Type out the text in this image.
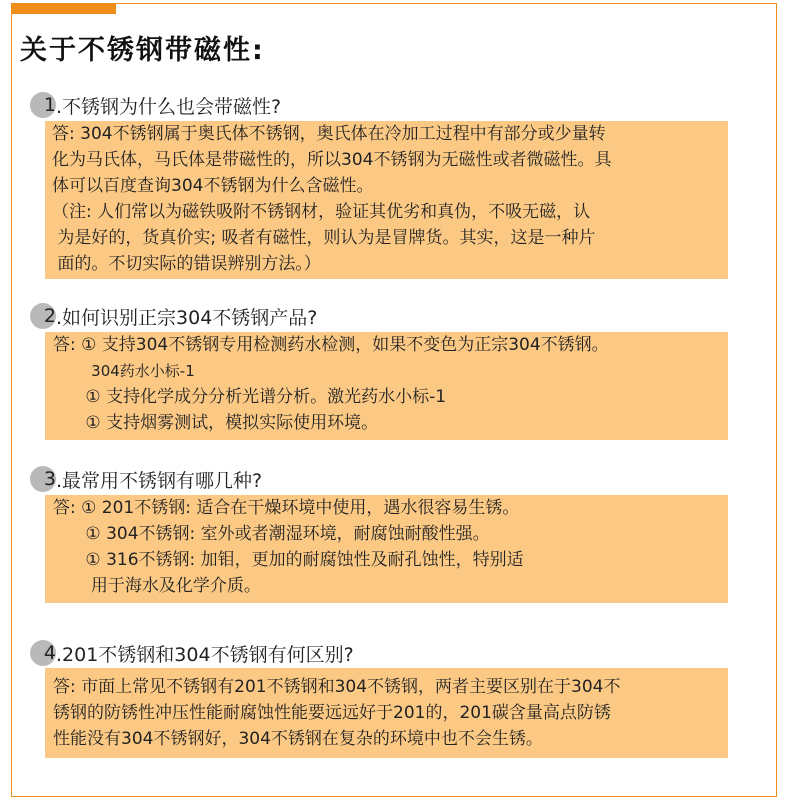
关于不锈钢带磁性:
1 .不锈钢为什么也会带磁性?
答: 304不锈钢属于奥氏体不锈钢，奥氏体在冷加工过程中有部分或少量转
化为马氏体，马氏体是带磁性的，所以304不锈钢为无磁性或者微磁性。具
体可以百度查询304不锈钢为什么含磁性。
（注: 人们常以为磁铁吸附不锈钢材，验证其优劣和真伪，不吸无磁，认
为是好的，货真价实; 吸者有磁性，则认为是冒牌货。其实，这是一种片
面的。不切实际的错误辨别方法。）
2 .如何识别正宗304不锈钢产品?
答: ① 支持304不锈钢专用检测药水检测，如果不变色为正宗304不锈钢。
304药水小标-1
① 支持化学成分分析光谱分析。激光药水小标-1
① 支持烟雾测试，模拟实际使用环境。
3 .最常用不锈钢有哪几种?
答: ① 201不锈钢: 适合在干燥环境中使用，遇水很容易生锈。
① 304不锈钢: 室外或者潮湿环境，耐腐蚀耐酸性强。
① 316不锈钢: 加钼，更加的耐腐蚀性及耐孔蚀性，特别适
用于海水及化学介质。
4 .201不锈钢和304不锈钢有何区别?
答: 市面上常见不锈钢有201不锈钢和304不锈钢，两者主要区别在于304不
锈钢的防锈性冲压性能耐腐蚀性能要远远好于201的，201碳含量高点防锈
性能没有304不锈钢好，304不锈钢在复杂的环境中也不会生锈。
